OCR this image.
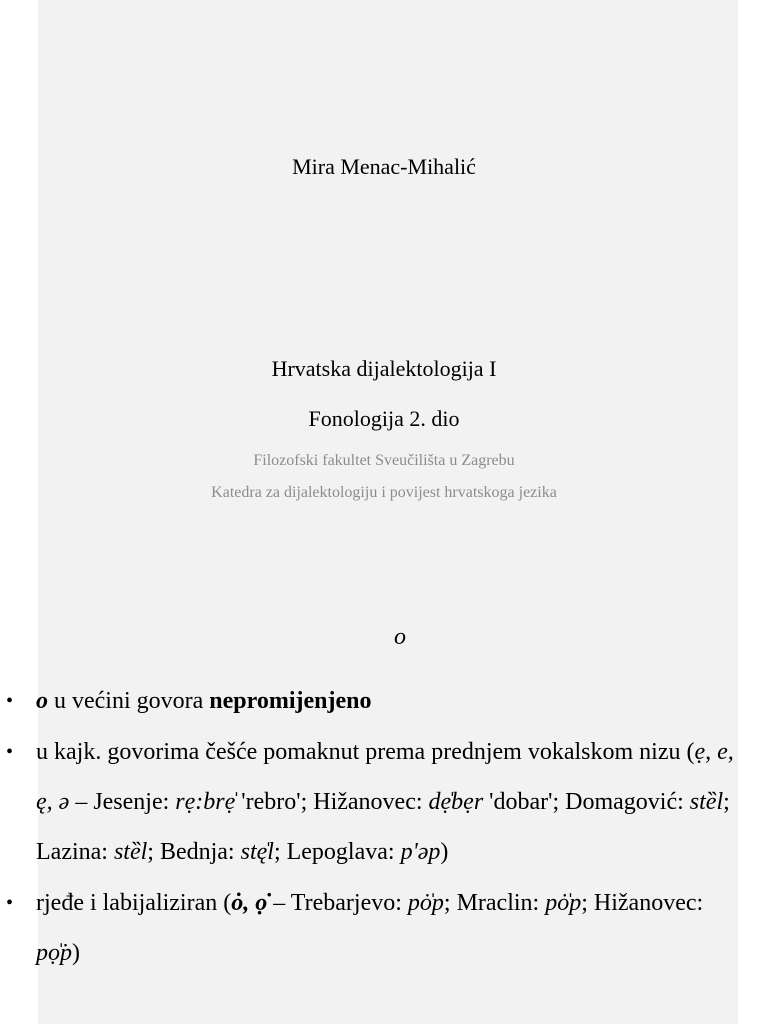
Mira Menac-Mihalić
Hrvatska dijalektologija I
Fonologija 2. dio
Filozofski fakultet Sveučilišta u Zagrebu
Katedra za dijalektologiju i povijest hrvatskoga jezika
o
• o u većini govora nepromijenjeno
• u kajk. govorima češće pomaknut prema prednjem vokalskom nizu (ẹ, e, ę, ə – Jesenje: rẹ:brẹ̍ 'rebro'; Hižanovec: dẹ̍bẹr 'dobar'; Domagović: stȅl; Lazina: stȅl; Bednja: stę̍l; Lepoglava: p'əp)
• rjeđe i labijaliziran (ȯ, ọ̇ – Trebarjevo: pȯ̍p; Mraclin: pȯ̍p; Hižanovec: pọ̇̍p)
